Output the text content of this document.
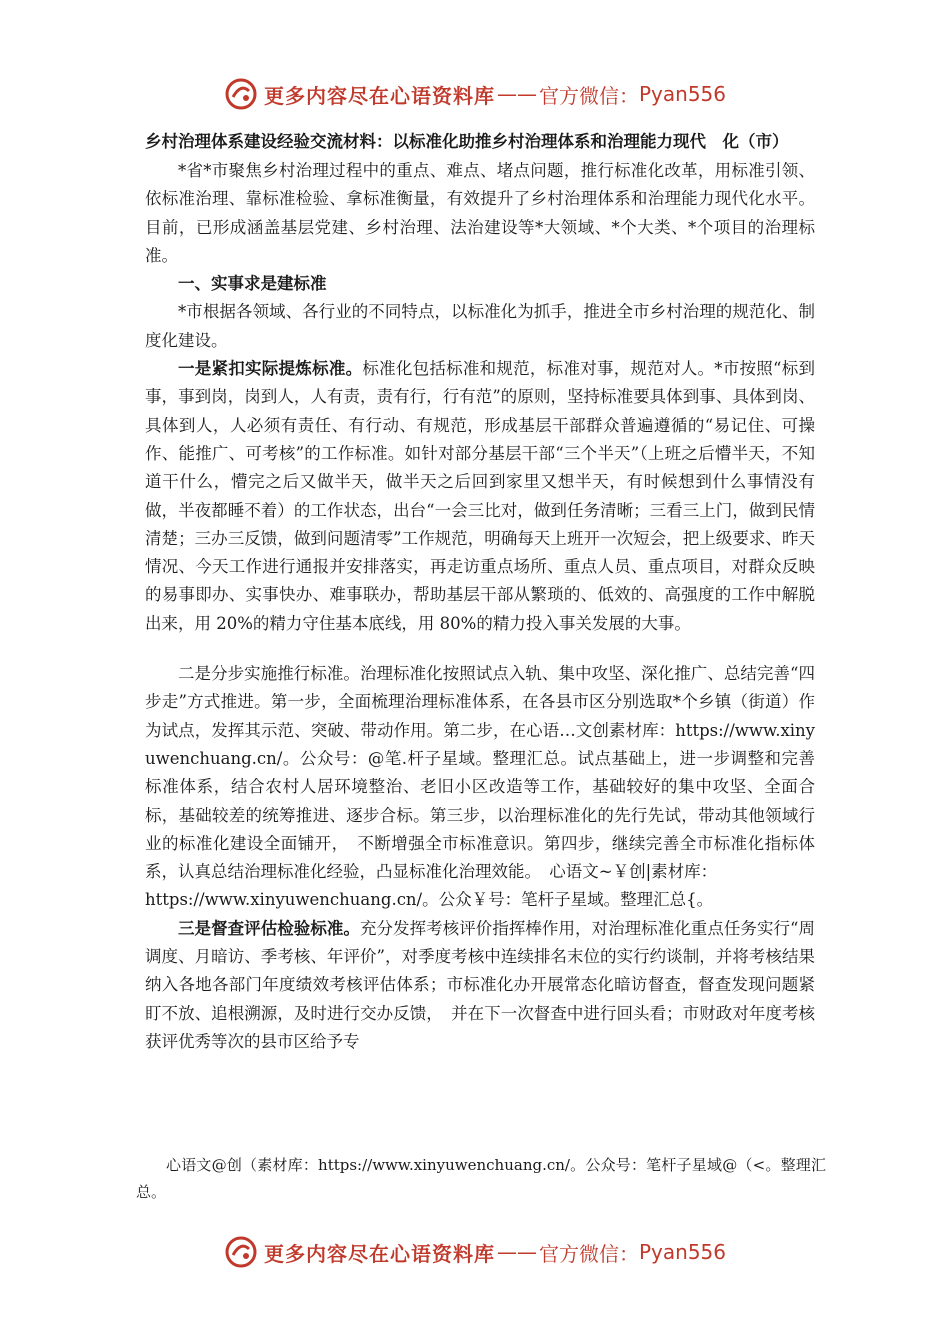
更多内容尽在心语资料库 —— 官方微信： Pyan556
乡村治理体系建设经验交流材料：以标准化助推乡村治理体系和治理能力现代　化（市）

*省*市聚焦乡村治理过程中的重点、难点、堵点问题，推行标准化改革，用标准引领、依标准治理、靠标准检验、拿标准衡量，有效提升了乡村治理体系和治理能力现代化水平。目前，已形成涵盖基层党建、乡村治理、法治建设等*大领域、*个大类、*个项目的治理标准。

一、实事求是建标准

*市根据各领域、各行业的不同特点，以标准化为抓手，推进全市乡村治理的规范化、制度化建设。

一是紧扣实际提炼标准。标准化包括标准和规范，标准对事，规范对人。*市按照“标到事，事到岗，岗到人，人有责，责有行，行有范”的原则，坚持标准要具体到事、具体到岗、具体到人，人必须有责任、有行动、有规范，形成基层干部群众普遍遵循的“易记住、可操作、能推广、可考核”的工作标准。如针对部分基层干部“三个半天”（上班之后懵半天，不知道干什么，懵完之后又做半天，做半天之后回到家里又想半天，有时候想到什么事情没有做，半夜都睡不着）的工作状态，出台“一会三比对，做到任务清晰；三看三上门，做到民情清楚；三办三反馈，做到问题清零”工作规范，明确每天上班开一次短会，把上级要求、昨天情况、今天工作进行通报并安排落实，再走访重点场所、重点人员、重点项目，对群众反映的易事即办、实事快办、难事联办，帮助基层干部从繁琐的、低效的、高强度的工作中解脱出来，用 20%的精力守住基本底线，用 80%的精力投入事关发展的大事。

二是分步实施推行标准。治理标准化按照试点入轨、集中攻坚、深化推广、总结完善“四步走”方式推进。第一步，全面梳理治理标准体系，在各县市区分别选取*个乡镇（街道）作为试点，发挥其示范、突破、带动作用。第二步，在心语…文创素材库：https://www.xinyuwenchuang.cn/。公众号：@笔.杆子星域。整理汇总。试点基础上，进一步调整和完善标准体系，结合农村人居环境整治、老旧小区改造等工作，基础较好的集中攻坚、全面合标，基础较差的统筹推进、逐步合标。第三步，以治理标准化的先行先试，带动其他领域行业的标准化建设全面铺开，　不断增强全市标准意识。第四步，继续完善全市标准化指标体系，认真总结治理标准化经验，凸显标准化治理效能。　心语文~￥创|素材库：

https://www.xinyuwenchuang.cn/。公众￥号：笔杆子星域。整理汇总{。

三是督查评估检验标准。充分发挥考核评价指挥棒作用，对治理标准化重点任务实行“周调度、月暗访、季考核、年评价”，对季度考核中连续排名末位的实行约谈制，并将考核结果纳入各地各部门年度绩效考核评估体系；市标准化办开展常态化暗访督查，督查发现问题紧盯不放、追根溯源，及时进行交办反馈，　并在下一次督查中进行回头看；市财政对年度考核获评优秀等次的县市区给予专

心语文@创（素材库：https://www.xinyuwenchuang.cn/。公众号：笔杆子星域@（<。整理汇总。

更多内容尽在心语资料库 —— 官方微信： Pyan556
